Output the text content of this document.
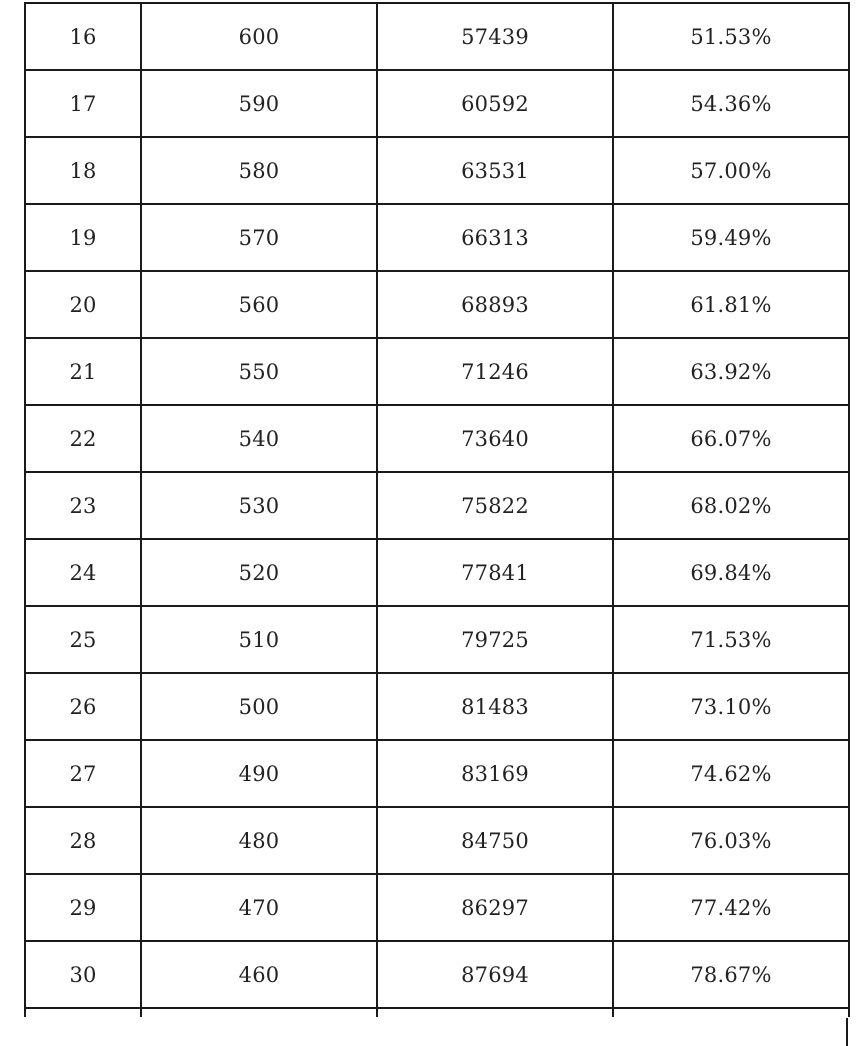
16	600	57439	51.53%
17	590	60592	54.36%
18	580	63531	57.00%
19	570	66313	59.49%
20	560	68893	61.81%
21	550	71246	63.92%
22	540	73640	66.07%
23	530	75822	68.02%
24	520	77841	69.84%
25	510	79725	71.53%
26	500	81483	73.10%
27	490	83169	74.62%
28	480	84750	76.03%
29	470	86297	77.42%
30	460	87694	78.67%
